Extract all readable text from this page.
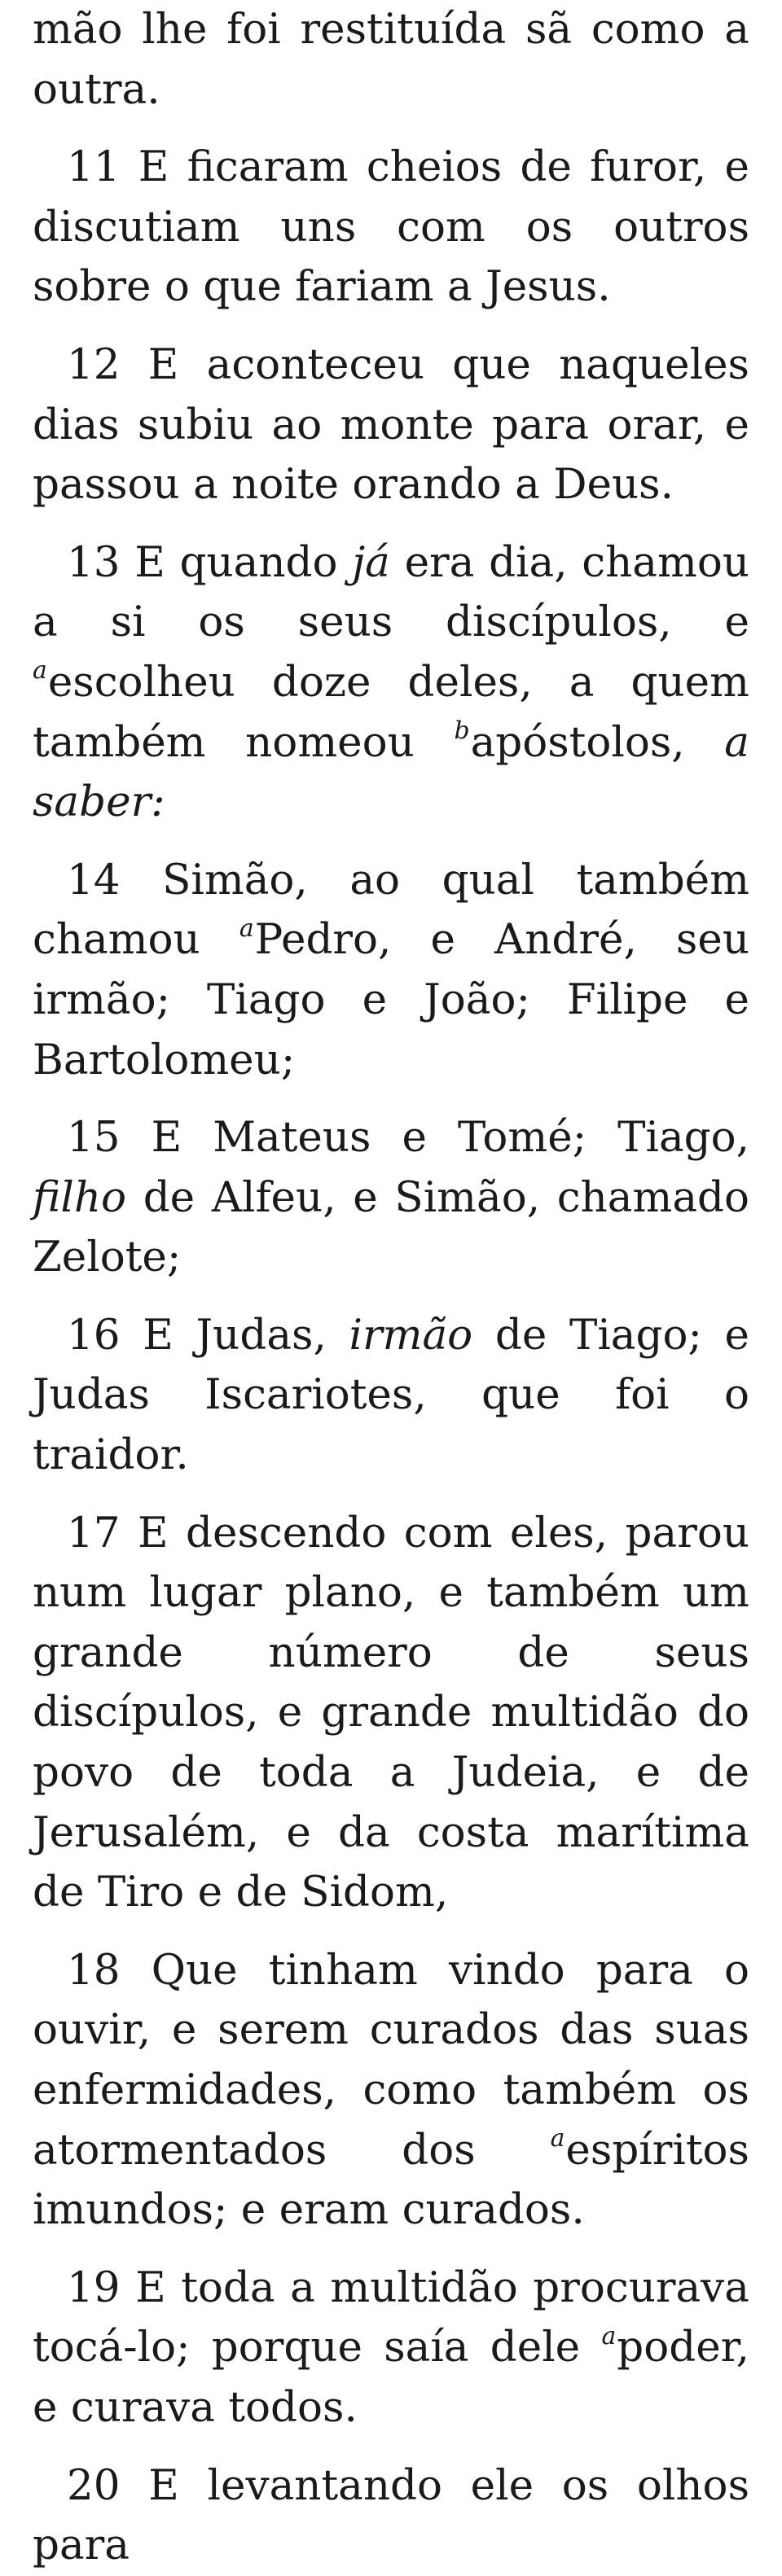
mão lhe foi restituída sã como a outra.

11 E ficaram cheios de furor, e discutiam uns com os outros sobre o que fariam a Jesus.

12 E aconteceu que naqueles dias subiu ao monte para orar, e passou a noite orando a Deus.

13 E quando já era dia, chamou a si os seus discípulos, e $^a$escolheu doze deles, a quem também nomeou $^b$apóstolos, a saber:

14 Simão, ao qual também chamou $^a$Pedro, e André, seu irmão; Tiago e João; Filipe e Bartolomeu;

15 E Mateus e Tomé; Tiago, filho de Alfeu, e Simão, chamado Zelote;

16 E Judas, irmão de Tiago; e Judas Iscariotes, que foi o traidor.

17 E descendo com eles, parou num lugar plano, e também um grande número de seus discípulos, e grande multidão do povo de toda a Judeia, e de Jerusalém, e da costa marítima de Tiro e de Sidom,

18 Que tinham vindo para o ouvir, e serem curados das suas enfermidades, como também os atormentados dos $^a$espíritos imundos; e eram curados.

19 E toda a multidão procurava tocá-lo; porque saía dele $^a$poder, e curava todos.

20 E levantando ele os olhos para
